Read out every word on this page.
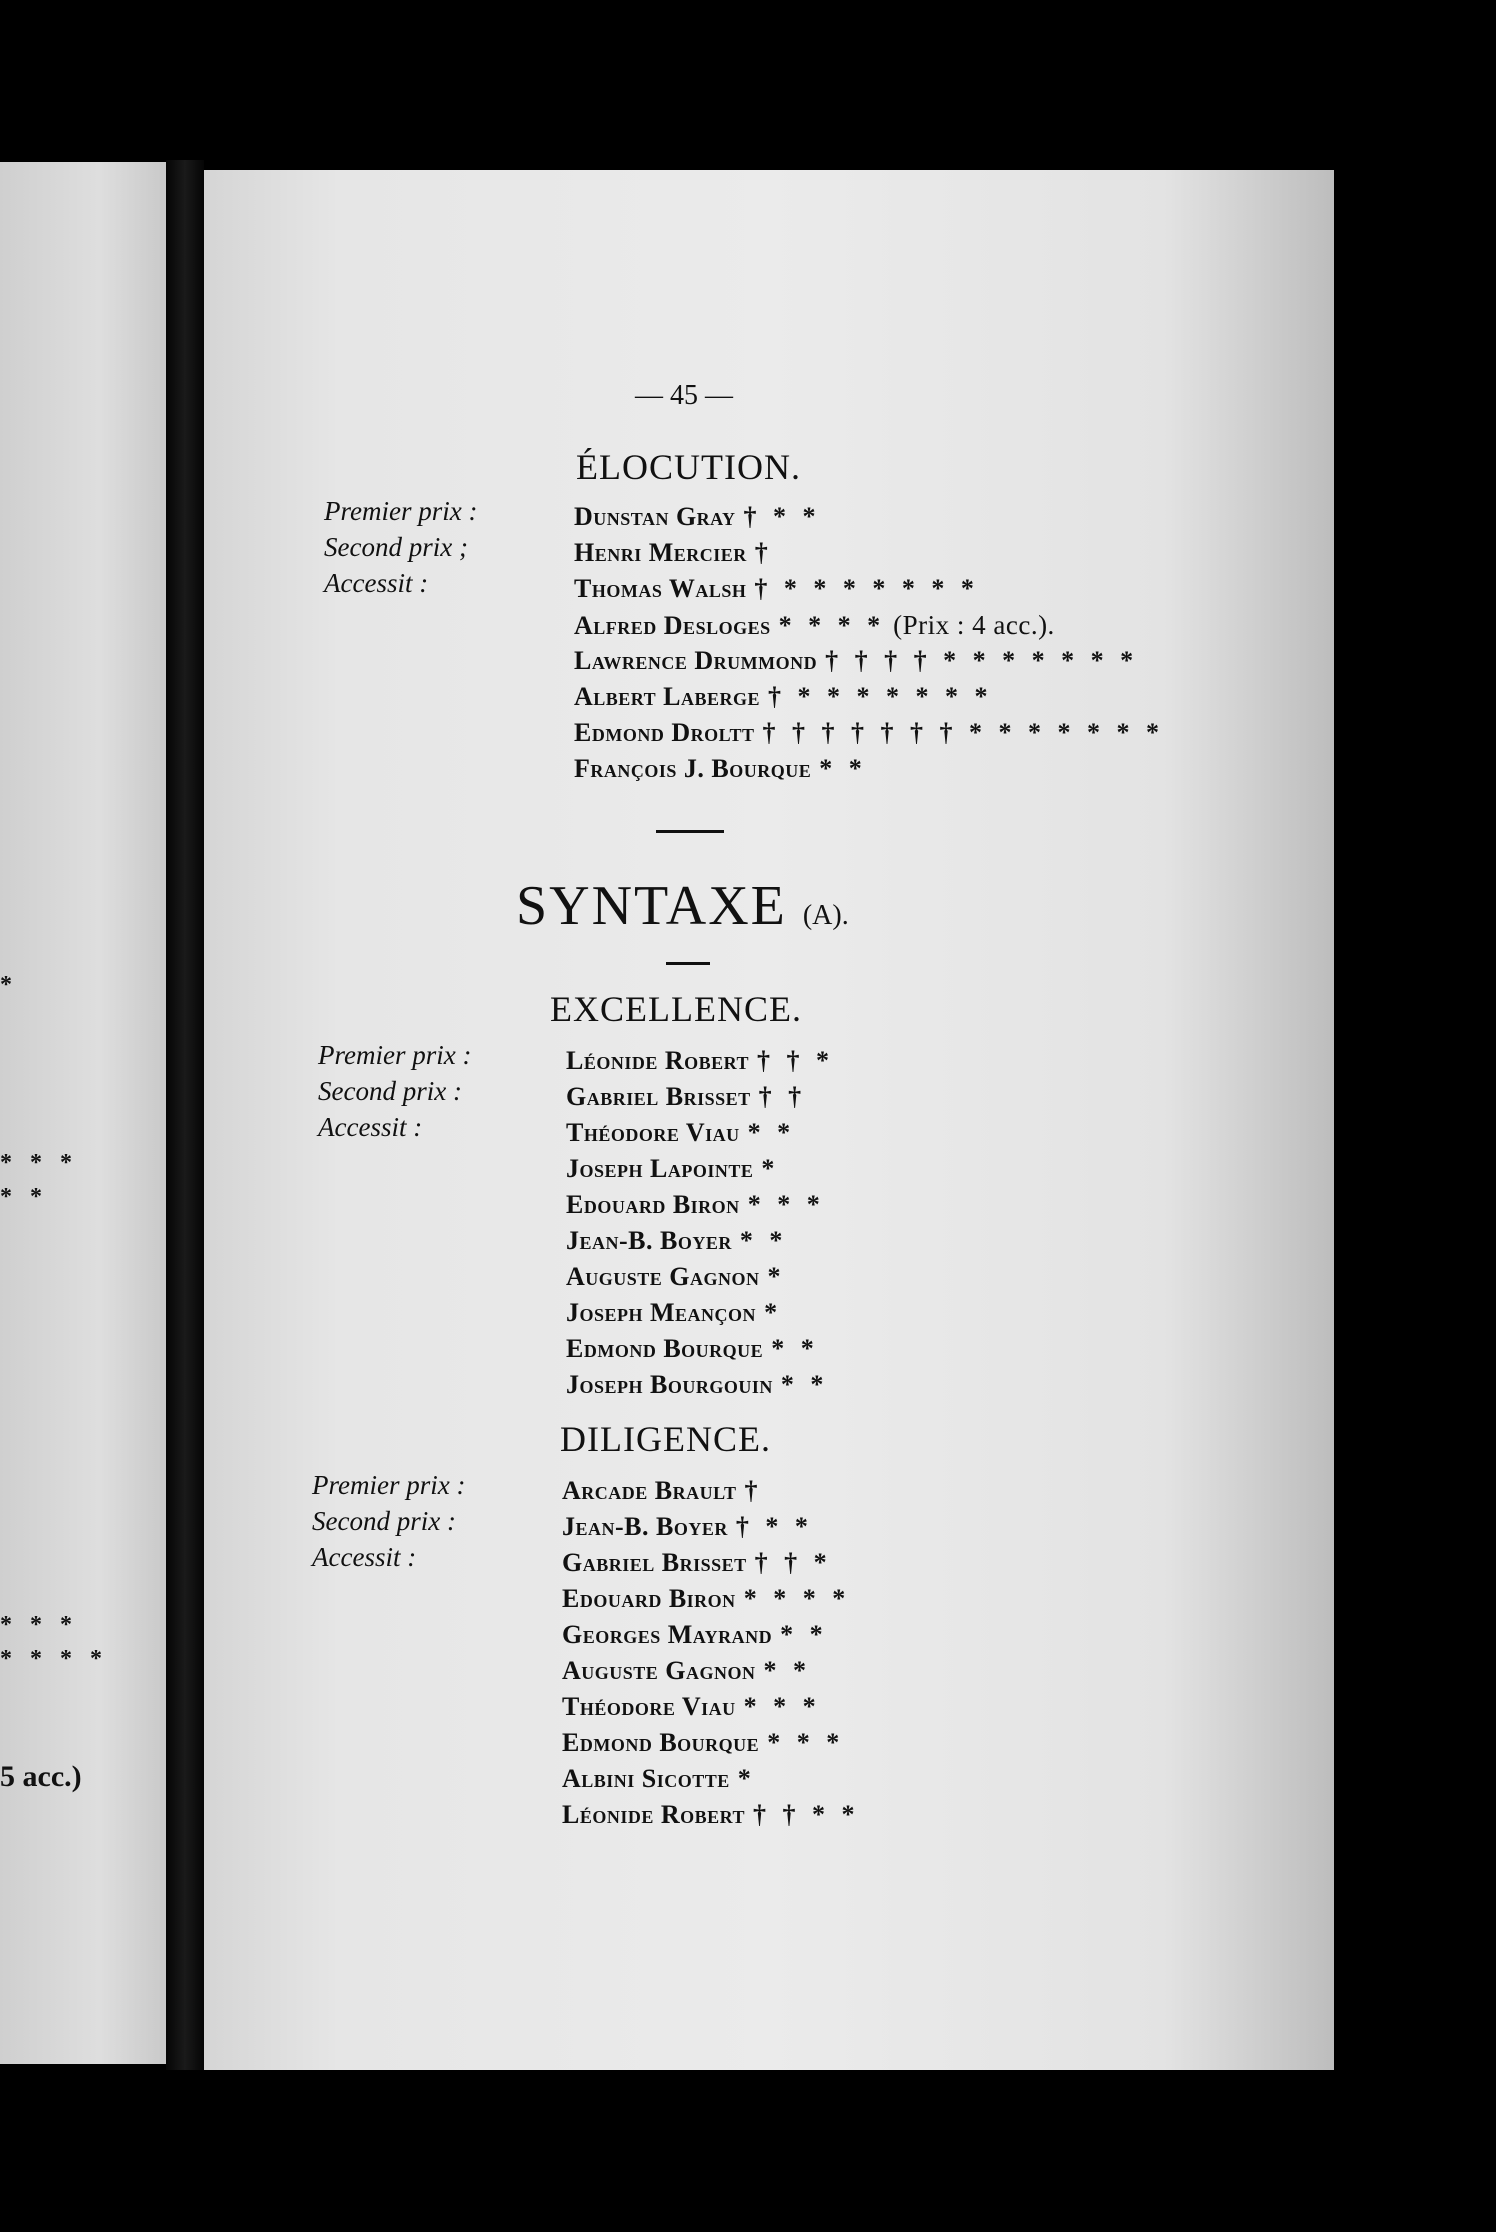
*
* * *
* *
* * *
* * * *
5 acc.)
— 45 —
ÉLOCUTION.
Premier prix :
Second prix ;
Accessit :
Dunstan Gray † * *
Henri Mercier †
Thomas Walsh † * * * * * * *
Alfred Desloges * * * * (Prix : 4 acc.).
Lawrence Drummond † † † † * * * * * * *
Albert Laberge † * * * * * * *
Edmond Droltt † † † † † † † * * * * * * *
François J. Bourque * *
SYNTAXE (A).
EXCELLENCE.
Premier prix :
Second prix :
Accessit :
Léonide Robert † † *
Gabriel Brisset † †
Théodore Viau * *
Joseph Lapointe *
Edouard Biron * * *
Jean-B. Boyer * *
Auguste Gagnon *
Joseph Meançon *
Edmond Bourque * *
Joseph Bourgouin * *
DILIGENCE.
Premier prix :
Second prix :
Accessit :
Arcade Brault †
Jean-B. Boyer † * *
Gabriel Brisset † † *
Edouard Biron * * * *
Georges Mayrand * *
Auguste Gagnon * *
Théodore Viau * * *
Edmond Bourque * * *
Albini Sicotte *
Léonide Robert † † * *
